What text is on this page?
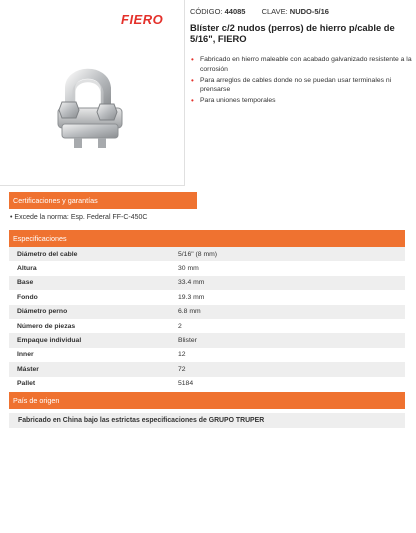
FIERO
CÓDIGO: 44085 CLAVE: NUDO-5/16
Blíster c/2 nudos (perros) de hierro p/cable de 5/16", FIERO
• Fabricado en hierro maleable con acabado galvanizado resistente a la corrosión
• Para arreglos de cables donde no se puedan usar terminales ni prensarse
• Para uniones temporales
Certificaciones y garantías
• Excede la norma: Esp. Federal FF-C-450C
Especificaciones
Diámetro del cable	5/16" (8 mm)
Altura	30 mm
Base	33.4 mm
Fondo	19.3 mm
Diámetro perno	6.8 mm
Número de piezas	2
Empaque individual	Blister
Inner	12
Máster	72
Pallet	5184
País de origen
Fabricado en China bajo las estrictas especificaciones de GRUPO TRUPER
